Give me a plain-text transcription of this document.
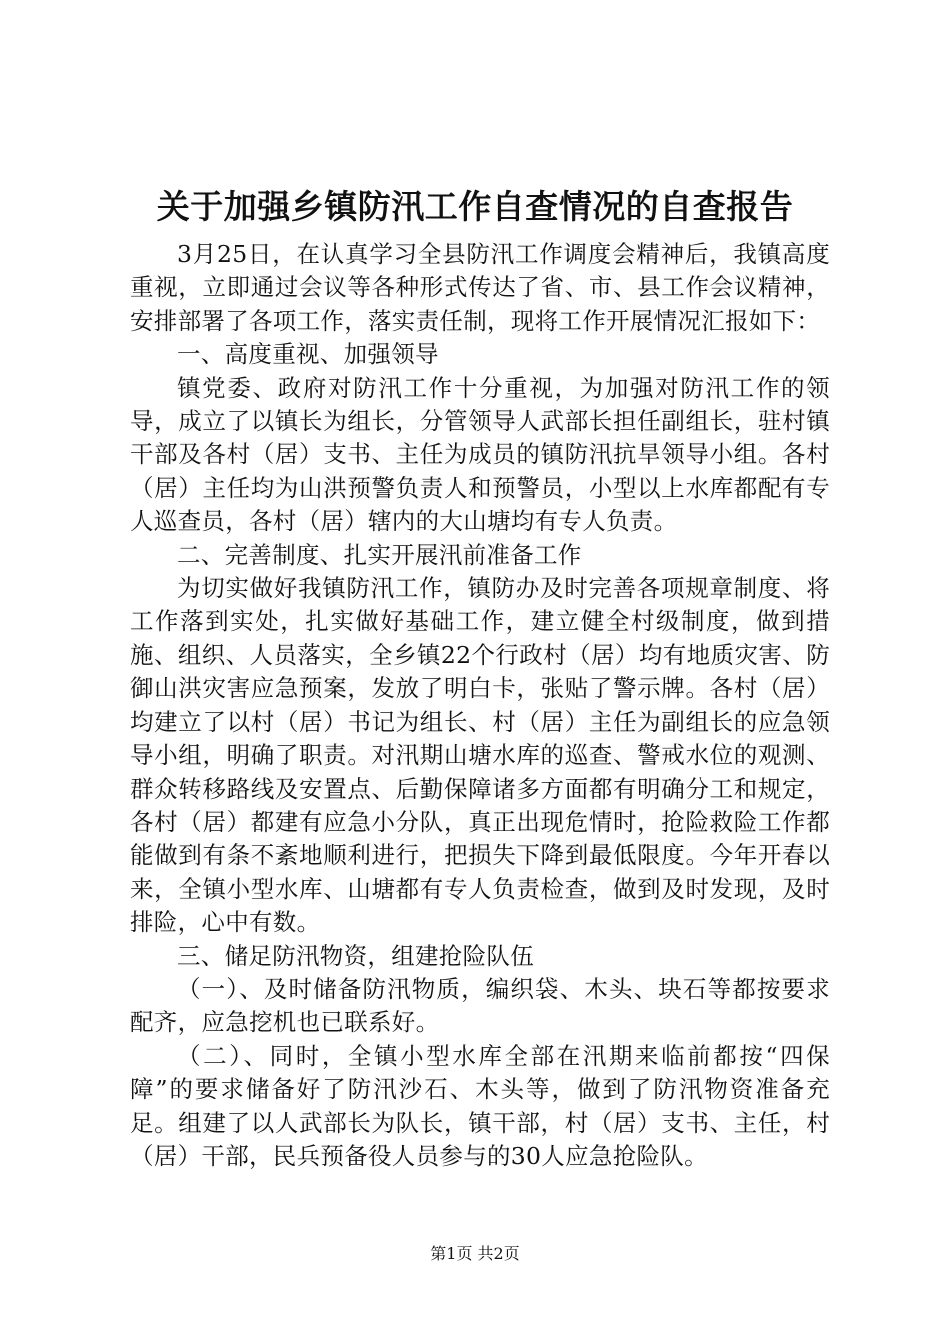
关于加强乡镇防汛工作自查情况的自查报告

3月25日，在认真学习全县防汛工作调度会精神后，我镇高度重视，立即通过会议等各种形式传达了省、市、县工作会议精神，安排部署了各项工作，落实责任制，现将工作开展情况汇报如下：

一、高度重视、加强领导

镇党委、政府对防汛工作十分重视，为加强对防汛工作的领导，成立了以镇长为组长，分管领导人武部长担任副组长，驻村镇干部及各村（居）支书、主任为成员的镇防汛抗旱领导小组。各村（居）主任均为山洪预警负责人和预警员，小型以上水库都配有专人巡查员，各村（居）辖内的大山塘均有专人负责。

二、完善制度、扎实开展汛前准备工作

为切实做好我镇防汛工作，镇防办及时完善各项规章制度、将工作落到实处，扎实做好基础工作，建立健全村级制度，做到措施、组织、人员落实，全乡镇22个行政村（居）均有地质灾害、防御山洪灾害应急预案，发放了明白卡，张贴了警示牌。各村（居）均建立了以村（居）书记为组长、村（居）主任为副组长的应急领导小组，明确了职责。对汛期山塘水库的巡查、警戒水位的观测、群众转移路线及安置点、后勤保障诸多方面都有明确分工和规定，各村（居）都建有应急小分队，真正出现危情时，抢险救险工作都能做到有条不紊地顺利进行，把损失下降到最低限度。今年开春以来，全镇小型水库、山塘都有专人负责检查，做到及时发现，及时排险，心中有数。

三、储足防汛物资，组建抢险队伍

（一）、及时储备防汛物质，编织袋、木头、块石等都按要求配齐，应急挖机也已联系好。

（二）、同时，全镇小型水库全部在汛期来临前都按“四保障”的要求储备好了防汛沙石、木头等，做到了防汛物资准备充足。组建了以人武部长为队长，镇干部，村（居）支书、主任，村（居）干部，民兵预备役人员参与的30人应急抢险队。

第1页 共2页
